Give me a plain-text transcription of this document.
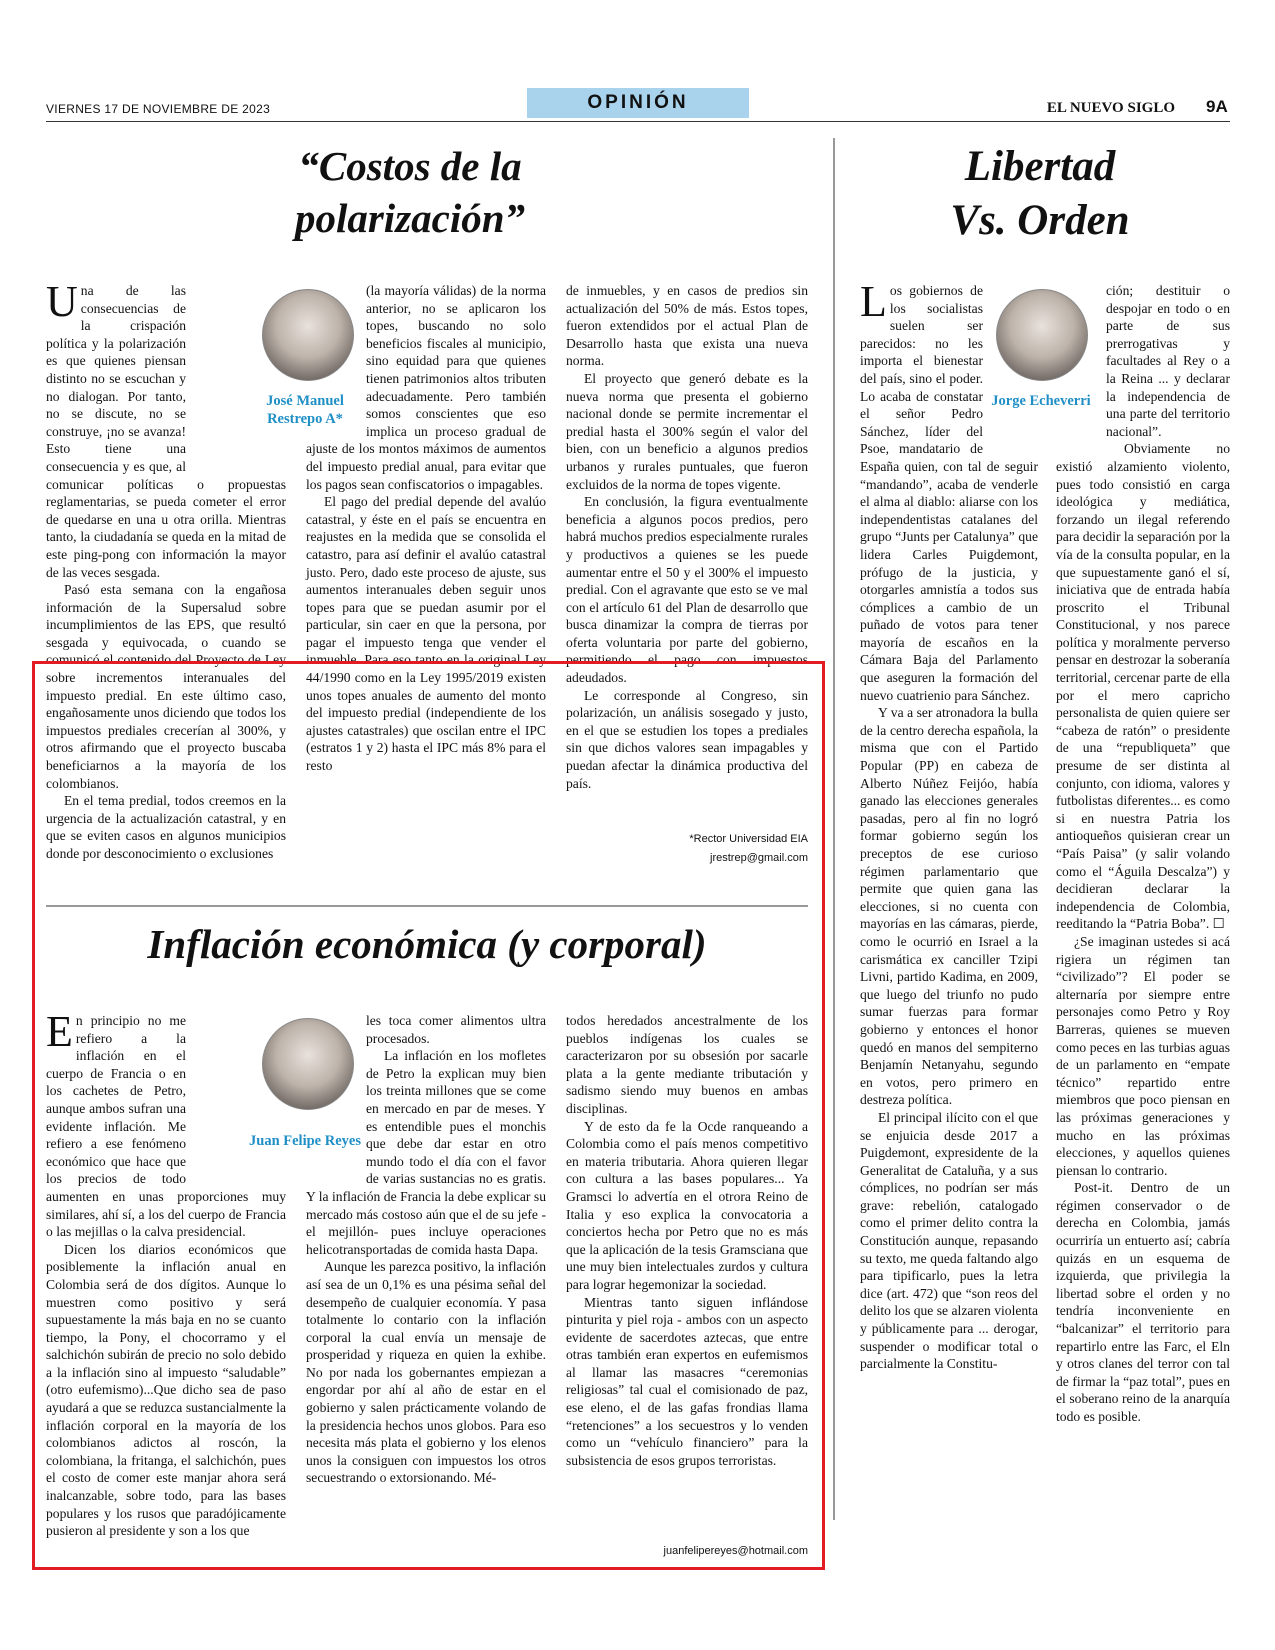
VIERNES 17 DE NOVIEMBRE DE 2023	OPINIÓN	EL NUEVO SIGLO 9A
“Costos de la
polarización”
José Manuel Restrepo A*

Una de las consecuencias de la crispación política y la polarización es que quienes piensan distinto no se escuchan y no dialogan. Por tanto, no se discute, no se construye, ¡no se avanza! Esto tiene una consecuencia y es que, al comunicar políticas o propuestas reglamentarias, se pueda cometer el error de quedarse en una u otra orilla. Mientras tanto, la ciudadanía se queda en la mitad de este ping-pong con información la mayor de las veces sesgada.

Pasó esta semana con la engañosa información de la Supersalud sobre incumplimientos de las EPS, que resultó sesgada y equivocada, o cuando se comunicó el contenido del Proyecto de Ley sobre incrementos interanuales del impuesto predial. En este último caso, engañosamente unos diciendo que todos los impuestos prediales crecerían al 300%, y otros afirmando que el proyecto buscaba beneficiarnos a la mayoría de los colombianos.

En el tema predial, todos creemos en la urgencia de la actualización catastral, y en que se eviten casos en algunos municipios donde por desconocimiento o exclusiones

(la mayoría válidas) de la norma anterior, no se aplicaron los topes, buscando no solo beneficios fiscales al municipio, sino equidad para que quienes tienen patrimonios altos tributen adecuadamente. Pero también somos conscientes que eso implica un proceso gradual de ajuste de los montos máximos de aumentos del impuesto predial anual, para evitar que los pagos sean confiscatorios o impagables.

El pago del predial depende del avalúo catastral, y éste en el país se encuentra en reajustes en la medida que se consolida el catastro, para así definir el avalúo catastral justo. Pero, dado este proceso de ajuste, sus aumentos interanuales deben seguir unos topes para que se puedan asumir por el particular, sin caer en que la persona, por pagar el impuesto tenga que vender el inmueble. Para eso tanto en la original Ley 44/1990 como en la Ley 1995/2019 existen unos topes anuales de aumento del monto del impuesto predial (independiente de los ajustes catastrales) que oscilan entre el IPC (estratos 1 y 2) hasta el IPC más 8% para el resto

de inmuebles, y en casos de predios sin actualización del 50% de más. Estos topes, fueron extendidos por el actual Plan de Desarrollo hasta que exista una nueva norma.

El proyecto que generó debate es la nueva norma que presenta el gobierno nacional donde se permite incrementar el predial hasta el 300% según el valor del bien, con un beneficio a algunos predios urbanos y rurales puntuales, que fueron excluidos de la norma de topes vigente.

En conclusión, la figura eventualmente beneficia a algunos pocos predios, pero habrá muchos predios especialmente rurales y productivos a quienes se les puede aumentar entre el 50 y el 300% el impuesto predial. Con el agravante que esto se ve mal con el artículo 61 del Plan de desarrollo que busca dinamizar la compra de tierras por oferta voluntaria por parte del gobierno, permitiendo el pago con impuestos adeudados.

Le corresponde al Congreso, sin polarización, un análisis sosegado y justo, en el que se estudien los topes a prediales sin que dichos valores sean impagables y puedan afectar la dinámica productiva del país.

*Rector Universidad EIA
jrestrep@gmail.com
Inflación económica (y corporal)
Juan Felipe Reyes

En principio no me refiero a la inflación en el cuerpo de Francia o en los cachetes de Petro, aunque ambos sufran una evidente inflación. Me refiero a ese fenómeno económico que hace que los precios de todo aumenten en unas proporciones muy similares, ahí sí, a los del cuerpo de Francia o las mejillas o la calva presidencial.

Dicen los diarios económicos que posiblemente la inflación anual en Colombia será de dos dígitos. Aunque lo muestren como positivo y será supuestamente la más baja en no se cuanto tiempo, la Pony, el chocorramo y el salchichón subirán de precio no solo debido a la inflación sino al impuesto “saludable” (otro eufemismo)...Que dicho sea de paso ayudará a que se reduzca sustancialmente la inflación corporal en la mayoría de los colombianos adictos al roscón, la colombiana, la fritanga, el salchichón, pues el costo de comer este manjar ahora será inalcanzable, sobre todo, para las bases populares y los rusos que paradójicamente pusieron al presidente y son a los que

les toca comer alimentos ultra procesados.

La inflación en los mofletes de Petro la explican muy bien los treinta millones que se come en mercado en par de meses. Y es entendible pues el monchis que debe dar estar en otro mundo todo el día con el favor de varias sustancias no es gratis. Y la inflación de Francia la debe explicar su mercado más costoso aún que el de su jefe -el mejillón- pues incluye operaciones helicotransportadas de comida hasta Dapa.

Aunque les parezca positivo, la inflación así sea de un 0,1% es una pésima señal del desempeño de cualquier economía. Y pasa totalmente lo contario con la inflación corporal la cual envía un mensaje de prosperidad y riqueza en quien la exhibe. No por nada los gobernantes empiezan a engordar por ahí al año de estar en el gobierno y salen prácticamente volando de la presidencia hechos unos globos. Para eso necesita más plata el gobierno y los elenos unos la consiguen con impuestos los otros secuestrando o extorsionando. Mé-

todos heredados ancestralmente de los pueblos indígenas los cuales se caracterizaron por su obsesión por sacarle plata a la gente mediante tributación y sadismo siendo muy buenos en ambas disciplinas.

Y de esto da fe la Ocde ranqueando a Colombia como el país menos competitivo en materia tributaria. Ahora quieren llegar con cultura a las bases populares... Ya Gramsci lo advertía en el otrora Reino de Italia y eso explica la convocatoria a conciertos hecha por Petro que no es más que la aplicación de la tesis Gramsciana que une muy bien intelectuales zurdos y cultura para lograr hegemonizar la sociedad.

Mientras tanto siguen inflándose pinturita y piel roja - ambos con un aspecto evidente de sacerdotes aztecas, que entre otras también eran expertos en eufemismos al llamar las masacres “ceremonias religiosas” tal cual el comisionado de paz, ese eleno, el de las gafas frondias llama “retenciones” a los secuestros y lo venden como un “vehículo financiero” para la subsistencia de esos grupos terroristas.

juanfelipereyes@hotmail.com
Libertad
Vs. Orden
Jorge Echeverri

Los gobiernos de los socialistas suelen ser parecidos: no les importa el bienestar del país, sino el poder. Lo acaba de constatar el señor Pedro Sánchez, líder del Psoe, mandatario de España quien, con tal de seguir “mandando”, acaba de venderle el alma al diablo: aliarse con los independentistas catalanes del grupo “Junts per Catalunya” que lidera Carles Puigdemont, prófugo de la justicia, y otorgarles amnistía a todos sus cómplices a cambio de un puñado de votos para tener mayoría de escaños en la Cámara Baja del Parlamento que aseguren la formación del nuevo cuatrienio para Sánchez.

Y va a ser atronadora la bulla de la centro derecha española, la misma que con el Partido Popular (PP) en cabeza de Alberto Núñez Feijóo, había ganado las elecciones generales pasadas, pero al fin no logró formar gobierno según los preceptos de ese curioso régimen parlamentario que permite que quien gana las elecciones, si no cuenta con mayorías en las cámaras, pierde, como le ocurrió en Israel a la carismática ex canciller Tzipi Livni, partido Kadima, en 2009, que luego del triunfo no pudo sumar fuerzas para formar gobierno y entonces el honor quedó en manos del sempiterno Benjamín Netanyahu, segundo en votos, pero primero en destreza política.

El principal ilícito con el que se enjuicia desde 2017 a Puigdemont, expresidente de la Generalitat de Cataluña, y a sus cómplices, no podrían ser más grave: rebelión, catalogado como el primer delito contra la Constitución aunque, repasando su texto, me queda faltando algo para tipificarlo, pues la letra dice (art. 472) que “son reos del delito los que se alzaren violenta y públicamente para ... derogar, suspender o modificar total o parcialmente la Constitu-

ción; destituir o despojar en todo o en parte de sus prerrogativas y facultades al Rey o a la Reina ... y declarar la independencia de una parte del territorio nacional”.

Obviamente no existió alzamiento violento, pues todo consistió en carga ideológica y mediática, forzando un ilegal referendo para decidir la separación por la vía de la consulta popular, en la que supuestamente ganó el sí, iniciativa que de entrada había proscrito el Tribunal Constitucional, y nos parece política y moralmente perverso pensar en destrozar la soberanía territorial, cercenar parte de ella por el mero capricho personalista de quien quiere ser “cabeza de ratón” o presidente de una “republiqueta” que presume de ser distinta al conjunto, con idioma, valores y futbolistas diferentes... es como si en nuestra Patria los antioqueños quisieran crear un “País Paisa” (y salir volando como el “Águila Descalza”) y decidieran declarar la independencia de Colombia, reeditando la “Patria Boba”. ☐

¿Se imaginan ustedes si acá rigiera un régimen tan “civilizado”? El poder se alternaría por siempre entre personajes como Petro y Roy Barreras, quienes se mueven como peces en las turbias aguas de un parlamento en “empate técnico” repartido entre miembros que poco piensan en las próximas generaciones y mucho en las próximas elecciones, y aquellos quienes piensan lo contrario.

Post-it. Dentro de un régimen conservador o de derecha en Colombia, jamás ocurriría un entuerto así; cabría quizás en un esquema de izquierda, que privilegia la libertad sobre el orden y no tendría inconveniente en “balcanizar” el territorio para repartirlo entre las Farc, el Eln y otros clanes del terror con tal de firmar la “paz total”, pues en el soberano reino de la anarquía todo es posible.
